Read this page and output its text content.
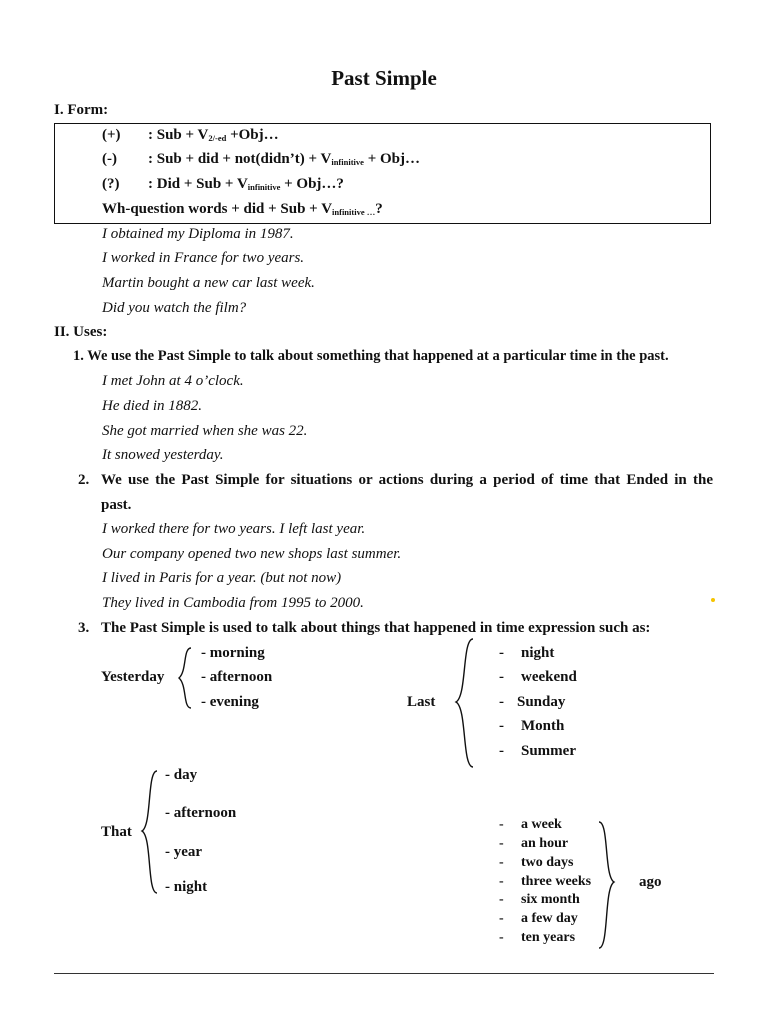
Past Simple
I. Form:
(+) : Sub + $V_{2/-ed}$ +Obj…
(-) : Sub + did + not(didn’t) + $V_{infinitive}$ + Obj…
(?) : Did + Sub + $V_{infinitive}$ + Obj…?
Wh-question words + did + Sub + $V_{infinitive \dots}$?
I obtained my Diploma in 1987.
I worked in France for two years.
Martin bought a new car last week.
Did you watch the film?
II. Uses:
1. We use the Past Simple to talk about something that happened at a particular time in the past.
I met John at 4 o’clock.
He died in 1882.
She got married when she was 22.
It snowed yesterday.
2. We use the Past Simple for situations or actions during a period of time that Ended in the
past.
I worked there for two years. I left last year.
Our company opened two new shops last summer.
I lived in Paris for a year. (but not now)
They lived in Cambodia from 1995 to 2000.
3. The Past Simple is used to talk about things that happened in time expression such as:
Yesterday
- morning
- afternoon
- evening	Last
- night
- weekend
- Sunday
- Month
- Summer
That
- day
- afternoon
- year
- night
- a week
- an hour
- two days
- three weeks
- six month
- a few day
- ten years
ago
